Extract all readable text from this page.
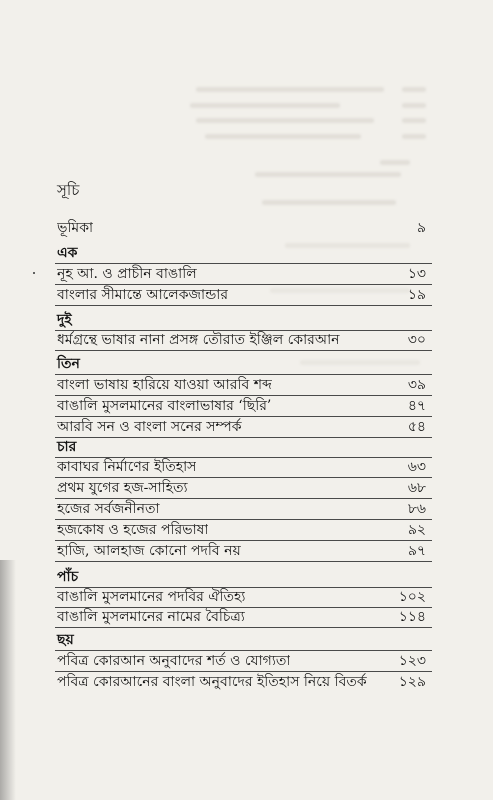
সূচি
ভূমিকা	৯
এক
নূহ আ. ও প্রাচীন বাঙালি	১৩
বাংলার সীমান্তে আলেকজান্ডার	১৯
দুই
ধর্মগ্রন্থে ভাষার নানা প্রসঙ্গ তৌরাত ইঞ্জিল কোরআন	৩০
তিন
বাংলা ভাষায় হারিয়ে যাওয়া আরবি শব্দ	৩৯
বাঙালি মুসলমানের বাংলাভাষার ‘ছিরি’	৪৭
আরবি সন ও বাংলা সনের সম্পর্ক	৫৪
চার
কাবাঘর নির্মাণের ইতিহাস	৬৩
প্রথম যুগের হজ-সাহিত্য	৬৮
হজের সর্বজনীনতা	৮৬
হজকোষ ও হজের পরিভাষা	৯২
হাজি, আলহাজ কোনো পদবি নয়	৯৭
পাঁচ
বাঙালি মুসলমানের পদবির ঐতিহ্য	১০২
বাঙালি মুসলমানের নামের বৈচিত্র্য	১১৪
ছয়
পবিত্র কোরআন অনুবাদের শর্ত ও যোগ্যতা	১২৩
পবিত্র কোরআনের বাংলা অনুবাদের ইতিহাস নিয়ে বিতর্ক ১২৯
